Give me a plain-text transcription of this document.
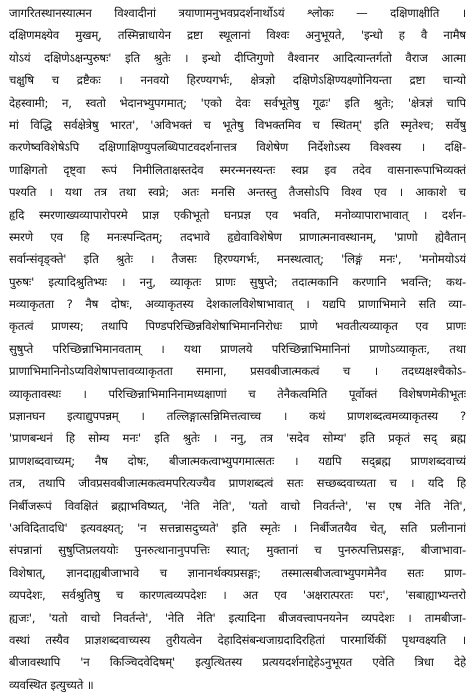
जागरितस्थानस्यात्मन विश्वादीनां त्रयाणामनुभवप्रदर्शनार्थोऽयं श्लोकः — दक्षिणाक्षीति ।
दक्षिणमक्ष्येव मुखम्, तस्मिन्नाधायेन द्रष्टा स्थूलानां विश्वः अनुभूयते, 'इन्धो ह वै नामैष
योऽयं दक्षिणेऽक्षन्पुरुषः' इति श्रुतेः । इन्धो दीप्तिगुणो वैश्वानर आदित्यान्तर्गतो वैराज आत्मा
चक्षुषि च द्रष्टैकः । ननवयो हिरण्यगर्भः, क्षेत्रज्ञो दक्षिणेऽक्षिण्यक्ष्णोनियन्ता द्रष्टा चान्यो
देहस्वामी; न, स्वतो भेदानभ्युपगमात्; 'एको देवः सर्वभूतेषु गूढः' इति श्रुतेः; 'क्षेत्रज्ञं चापि
मां विद्धि सर्वक्षेत्रेषु भारत', 'अविभक्तं च भूतेषु विभक्तमिव च स्थितम्' इति स्मृतेश्च; सर्वेषु
करणेष्वविशेषेऽपि दक्षिणाक्षिण्युपलब्धिपाटवदर्शनात्तत्र विशेषेण निर्देशोऽस्य विश्वस्य । दक्षि-
णाक्षिगतो दृष्ट्वा रूपं निमीलिताक्षस्तदेव स्मरन्मनस्यन्तः स्वप्न इव तदेव वासनारूपाभिव्यक्तं
पश्यति । यथा तत्र तथा स्वप्ने; अतः मनसि अन्तस्तु तैजसोऽपि विश्व एव । आकाशे च
हृदि स्मरणाख्यव्यापारोपरमे प्राज्ञ एकीभूतो घनप्रज्ञ एव भवति, मनोव्यापाराभावात् । दर्शन-
स्मरणे एव हि मनःस्पन्दितम्; तदभावे हृद्येवाविशेषेण प्राणात्मनावस्थानम्, 'प्राणो ह्येवैतान्
सर्वान्संवृङ्क्ते' इति श्रुतेः । तैजसः हिरण्यगर्भः, मनस्थत्वात्; 'लिङ्गं मनः', 'मनोमयोऽयं
पुरुषः' इत्यादिश्रुतिभ्यः । ननु, व्याकृतः प्राणः सुषुप्ते; तदात्मकानि करणानि भवन्ति; कथ-
मव्याकृतता ? नैष दोषः, अव्याकृतस्य देशकालविशेषाभावात् । यद्यपि प्राणाभिमाने सति व्या-
कृतत्वं प्राणस्य; तथापि पिण्डपरिच्छिन्नविशेषाभिमाननिरोधः प्राणे भवतीत्यव्याकृत एव प्राणः
सुषुप्ते परिच्छिन्नाभिमानवताम् । यथा प्राणलये परिच्छिन्नाभिमानिनां प्राणोऽव्याकृतः, तथा
प्राणाभिमानिनोऽप्यविशेषापत्तावव्याकृतता समाना, प्रसवबीजात्मकत्वं च । तदध्यक्षश्चैकोऽ-
व्याकृतावस्थः । परिच्छिन्नाभिमानिनामध्यक्षाणां च तेनैकत्वमिति पूर्वोक्तं विशेषणमेकीभूतः
प्रज्ञानघन इत्याद्युपपन्नम् । तल्लिङ्गात्सन्निमित्तत्वाच्च । कथं प्राणशब्दत्वमव्याकृतस्य ?
'प्राणबन्धनं हि सोम्य मनः' इति श्रुतेः । ननु, तत्र 'सदेव सोम्य' इति प्रकृतं सद् ब्रह्म
प्राणशब्दवाच्यम्; नैष दोषः, बीजात्मकत्वाभ्युपगमात्सतः । यद्यपि सद्ब्रह्म प्राणशब्दवाच्यं
तत्र, तथापि जीवप्रसवबीजात्मकत्वमपरित्यज्यैव प्राणशब्दत्वं सतः सच्छब्दवाच्यता च । यदि हि
निर्बीजरूपं विवक्षितं ब्रह्माभविष्यत्, 'नेति नेति', 'यतो वाचो निवर्तन्ते', 'स एष नेति नेति',
'अविदितादधि' इत्यवक्ष्यत्; 'न सत्तन्नासदुच्यते' इति स्मृतेः । निर्बीजतयैव चेत्, सति प्रलीनानां
संपन्नानां सुषुप्तिप्रलययोः पुनरुत्थानानुपपत्तिः स्यात्; मुक्तानां च पुनरुत्पत्तिप्रसङ्गः, बीजाभावा-
विशेषात्, ज्ञानदाह्यबीजाभावे च ज्ञानानर्थक्यप्रसङ्गः; तस्मात्सबीजत्वाभ्युपगमेनैव सतः प्राण-
व्यपदेशः, सर्वश्रुतिषु च कारणत्वव्यपदेशः । अत एव 'अक्षरात्परतः परः', 'सबाह्याभ्यन्तरो
ह्यजः', 'यतो वाचो निवर्तन्ते', 'नेति नेति' इत्यादिना बीजवत्त्वापनयनेन व्यपदेशः । तामबीजा-
वस्थां तस्यैव प्राज्ञशब्दवाच्यस्य तुरीयत्वेन देहादिसंबन्धजाग्रदादिरहितां पारमार्थिकीं पृथग्वक्ष्यति ।
बीजावस्थापि 'न किञ्चिदवेदिषम्' इत्युत्थितस्य प्रत्ययदर्शनाद्देहेऽनुभूयत एवेति त्रिधा देहे
व्यवस्थित इत्युच्यते ॥
